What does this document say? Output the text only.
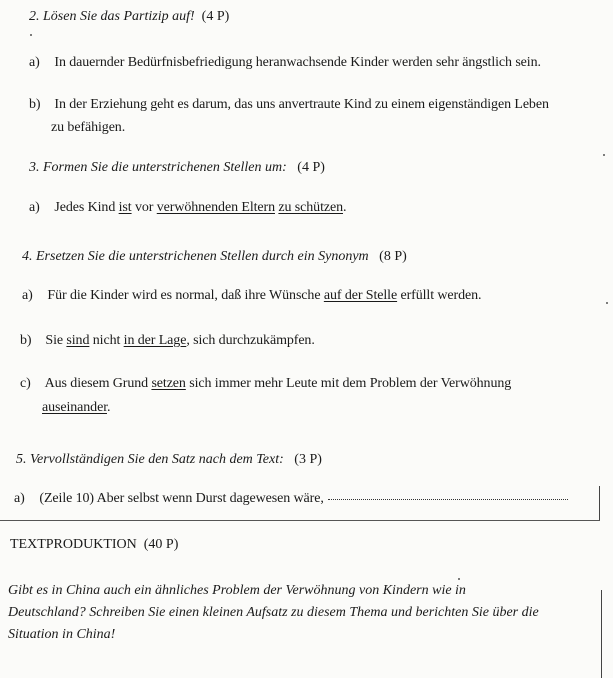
2. Lösen Sie das Partizip auf! (4 P)
a) In dauernder Bedürfnisbefriedigung heranwachsende Kinder werden sehr ängstlich sein.
b) In der Erziehung geht es darum, das uns anvertraute Kind zu einem eigenständigen Leben
zu befähigen.
3. Formen Sie die unterstrichenen Stellen um: (4 P)
a) Jedes Kind ist vor verwöhnenden Eltern zu schützen.
4. Ersetzen Sie die unterstrichenen Stellen durch ein Synonym (8 P)
a) Für die Kinder wird es normal, daß ihre Wünsche auf der Stelle erfüllt werden.
b) Sie sind nicht in der Lage, sich durchzukämpfen.
c) Aus diesem Grund setzen sich immer mehr Leute mit dem Problem der Verwöhnung
auseinander.
5. Vervollständigen Sie den Satz nach dem Text: (3 P)
a) (Zeile 10) Aber selbst wenn Durst dagewesen wäre,
TEXTPRODUKTION (40 P)
Gibt es in China auch ein ähnliches Problem der Verwöhnung von Kindern wie in
Deutschland? Schreiben Sie einen kleinen Aufsatz zu diesem Thema und berichten Sie über die
Situation in China!
